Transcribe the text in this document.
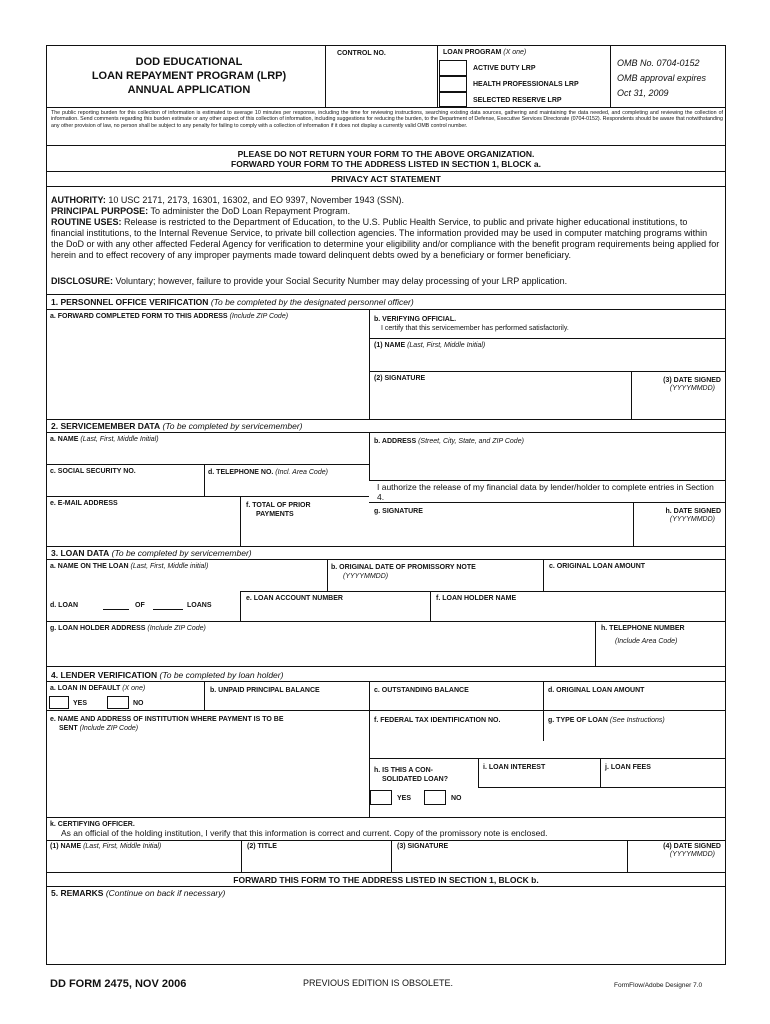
DOD EDUCATIONAL
LOAN REPAYMENT PROGRAM (LRP)
ANNUAL APPLICATION
CONTROL NO.	LOAN PROGRAM (X one)
ACTIVE DUTY LRP
HEALTH PROFESSIONALS LRP
SELECTED RESERVE LRP
OMB No. 0704-0152
OMB approval expires
Oct 31, 2009
The public reporting burden for this collection of information is estimated to average 10 minutes per response, including the time for reviewing instructions, searching existing data sources, gathering and maintaining the data needed, and completing and reviewing the collection of information. Send comments regarding this burden estimate or any other aspect of this collection of information, including suggestions for reducing the burden, to the Department of Defense, Executive Services Directorate (0704-0152). Respondents should be aware that notwithstanding any other provision of law, no person shall be subject to any penalty for failing to comply with a collection of information if it does not display a currently valid OMB control number.
PLEASE DO NOT RETURN YOUR FORM TO THE ABOVE ORGANIZATION.
FORWARD YOUR FORM TO THE ADDRESS LISTED IN SECTION 1, BLOCK a.
PRIVACY ACT STATEMENT
AUTHORITY: 10 USC 2171, 2173, 16301, 16302, and EO 9397, November 1943 (SSN).
PRINCIPAL PURPOSE: To administer the DoD Loan Repayment Program.
ROUTINE USES: Release is restricted to the Department of Education, to the U.S. Public Health Service, to public and private higher educational institutions, to financial institutions, to the Internal Revenue Service, to private bill collection agencies. The information provided may be used in computer matching programs within the DoD or with any other affected Federal Agency for verification to determine your eligibility and/or compliance with the benefit program requirements being applied for herein and to effect recovery of any improper payments made toward delinquent debts owed by a beneficiary or former beneficiary.
DISCLOSURE: Voluntary; however, failure to provide your Social Security Number may delay processing of your LRP application.
1. PERSONNEL OFFICE VERIFICATION (To be completed by the designated personnel officer)
a. FORWARD COMPLETED FORM TO THIS ADDRESS (Include ZIP Code)	b. VERIFYING OFFICIAL.
I certify that this servicemember has performed satisfactorily.
(1) NAME (Last, First, Middle Initial)
(2) SIGNATURE	(3) DATE SIGNED
(YYYYMMDD)
2. SERVICEMEMBER DATA (To be completed by servicemember)
a. NAME (Last, First, Middle Initial)	b. ADDRESS (Street, City, State, and ZIP Code)
c. SOCIAL SECURITY NO.	d. TELEPHONE NO. (Incl. Area Code)
I authorize the release of my financial data by lender/holder to complete entries in Section 4.
e. E-MAIL ADDRESS	f. TOTAL OF PRIOR
PAYMENTS	g. SIGNATURE	h. DATE SIGNED
(YYYYMMDD)
3. LOAN DATA (To be completed by servicemember)
a. NAME ON THE LOAN (Last, First, Middle initial)	b. ORIGINAL DATE OF PROMISSORY NOTE
(YYYYMMDD)
c. ORIGINAL LOAN AMOUNT
d. LOAN	OF	LOANS
e. LOAN ACCOUNT NUMBER	f. LOAN HOLDER NAME
g. LOAN HOLDER ADDRESS (Include ZIP Code)	h. TELEPHONE NUMBER
(Include Area Code)
4. LENDER VERIFICATION (To be completed by loan holder)
a. LOAN IN DEFAULT (X one)
YES	NO
b. UNPAID PRINCIPAL BALANCE	c. OUTSTANDING BALANCE	d. ORIGINAL LOAN AMOUNT
e. NAME AND ADDRESS OF INSTITUTION WHERE PAYMENT IS TO BE
SENT (Include ZIP Code)
f. FEDERAL TAX IDENTIFICATION NO.	g. TYPE OF LOAN (See Instructions)
h. IS THIS A CON-
SOLIDATED LOAN?
YES	NO
i. LOAN INTEREST	j. LOAN FEES
k. CERTIFYING OFFICER.
As an official of the holding institution, I verify that this information is correct and current. Copy of the promissory note is enclosed.
(1) NAME (Last, First, Middle Initial)	(2) TITLE	(3) SIGNATURE	(4) DATE SIGNED
(YYYYMMDD)
FORWARD THIS FORM TO THE ADDRESS LISTED IN SECTION 1, BLOCK b.
5. REMARKS (Continue on back if necessary)
DD FORM 2475, NOV 2006	PREVIOUS EDITION IS OBSOLETE.	FormFlow/Adobe Designer 7.0
